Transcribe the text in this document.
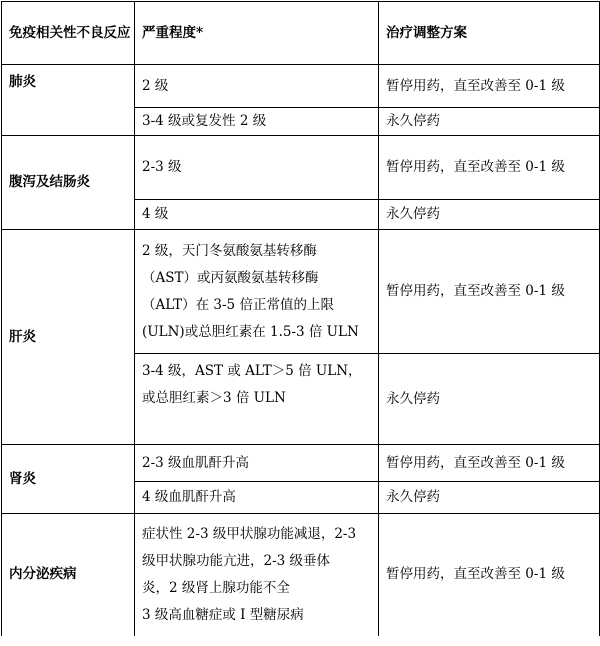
免疫相关性不良反应	严重程度*	治疗调整方案
肺炎	2 级	暂停用药，直至改善至 0-1 级
	3-4 级或复发性 2 级	永久停药
腹泻及结肠炎	2-3 级	暂停用药，直至改善至 0-1 级
	4 级	永久停药
肝炎	2 级，天门冬氨酸氨基转移酶
（AST）或丙氨酸氨基转移酶
（ALT）在 3-5 倍正常值的上限
(ULN)或总胆红素在 1.5-3 倍 ULN	暂停用药，直至改善至 0-1 级

	3-4 级，AST 或 ALT＞5 倍 ULN，
或总胆红素＞3 倍 ULN	永久停药
肾炎	2-3 级血肌酐升高	暂停用药，直至改善至 0-1 级
	4 级血肌酐升高	永久停药
内分泌疾病	症状性 2-3 级甲状腺功能减退，2-3
级甲状腺功能亢进，2-3 级垂体
炎，2 级肾上腺功能不全
3 级高血糖症或 I 型糖尿病	暂停用药，直至改善至 0-1 级
